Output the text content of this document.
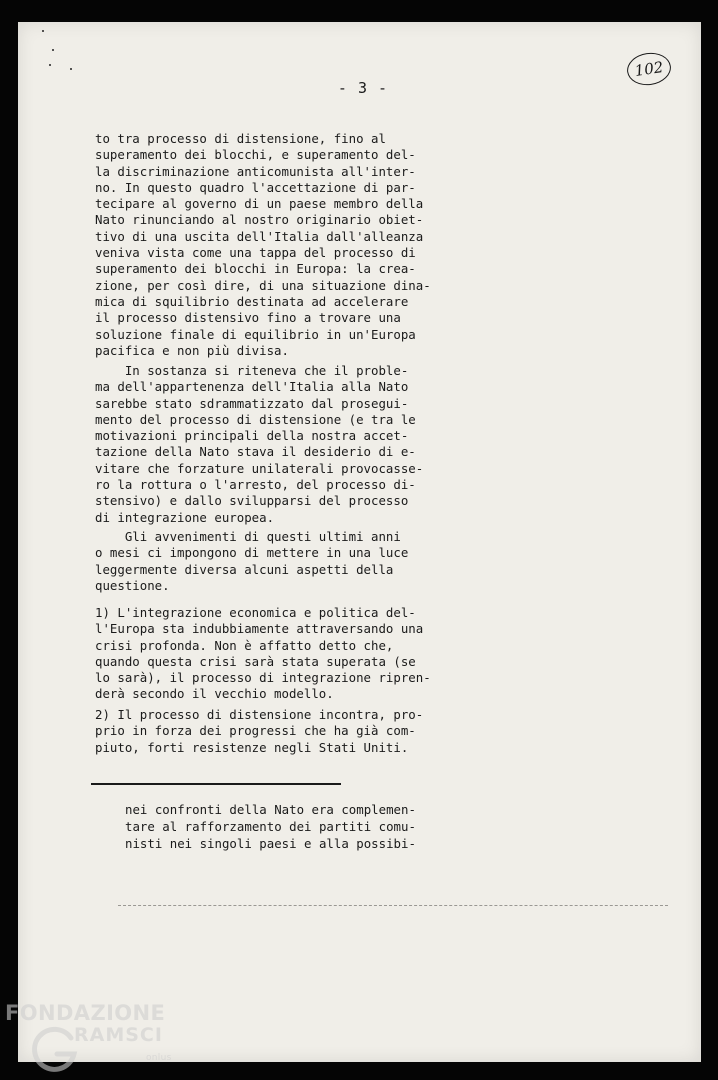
102
- 3 -
to tra processo di distensione, fino al
superamento dei blocchi, e superamento del-
la discriminazione anticomunista all'inter-
no. In questo quadro l'accettazione di par-
tecipare al governo di un paese membro della
Nato rinunciando al nostro originario obiet-
tivo di una uscita dell'Italia dall'alleanza
veniva vista come una tappa del processo di
superamento dei blocchi in Europa: la crea-
zione, per così dire, di una situazione dina-
mica di squilibrio destinata ad accelerare
il processo distensivo fino a trovare una
soluzione finale di equilibrio in un'Europa
pacifica e non più divisa.
In sostanza si riteneva che il proble-
ma dell'appartenenza dell'Italia alla Nato
sarebbe stato sdrammatizzato dal prosegui-
mento del processo di distensione (e tra le
motivazioni principali della nostra accet-
tazione della Nato stava il desiderio di e-
vitare che forzature unilaterali provocasse-
ro la rottura o l'arresto, del processo di-
stensivo) e dallo svilupparsi del processo
di integrazione europea.
Gli avvenimenti di questi ultimi anni
o mesi ci impongono di mettere in una luce
leggermente diversa alcuni aspetti della
questione.
1) L'integrazione economica e politica del-
l'Europa sta indubbiamente attraversando una
crisi profonda. Non è affatto detto che,
quando questa crisi sarà stata superata (se
lo sarà), il processo di integrazione ripren-
derà secondo il vecchio modello.
2) Il processo di distensione incontra, pro-
prio in forza dei progressi che ha già com-
piuto, forti resistenze negli Stati Uniti.
nei confronti della Nato era complemen-
tare al rafforzamento dei partiti comu-
nisti nei singoli paesi e alla possibi-
FONDAZIONE
RAMSCI
onlus
